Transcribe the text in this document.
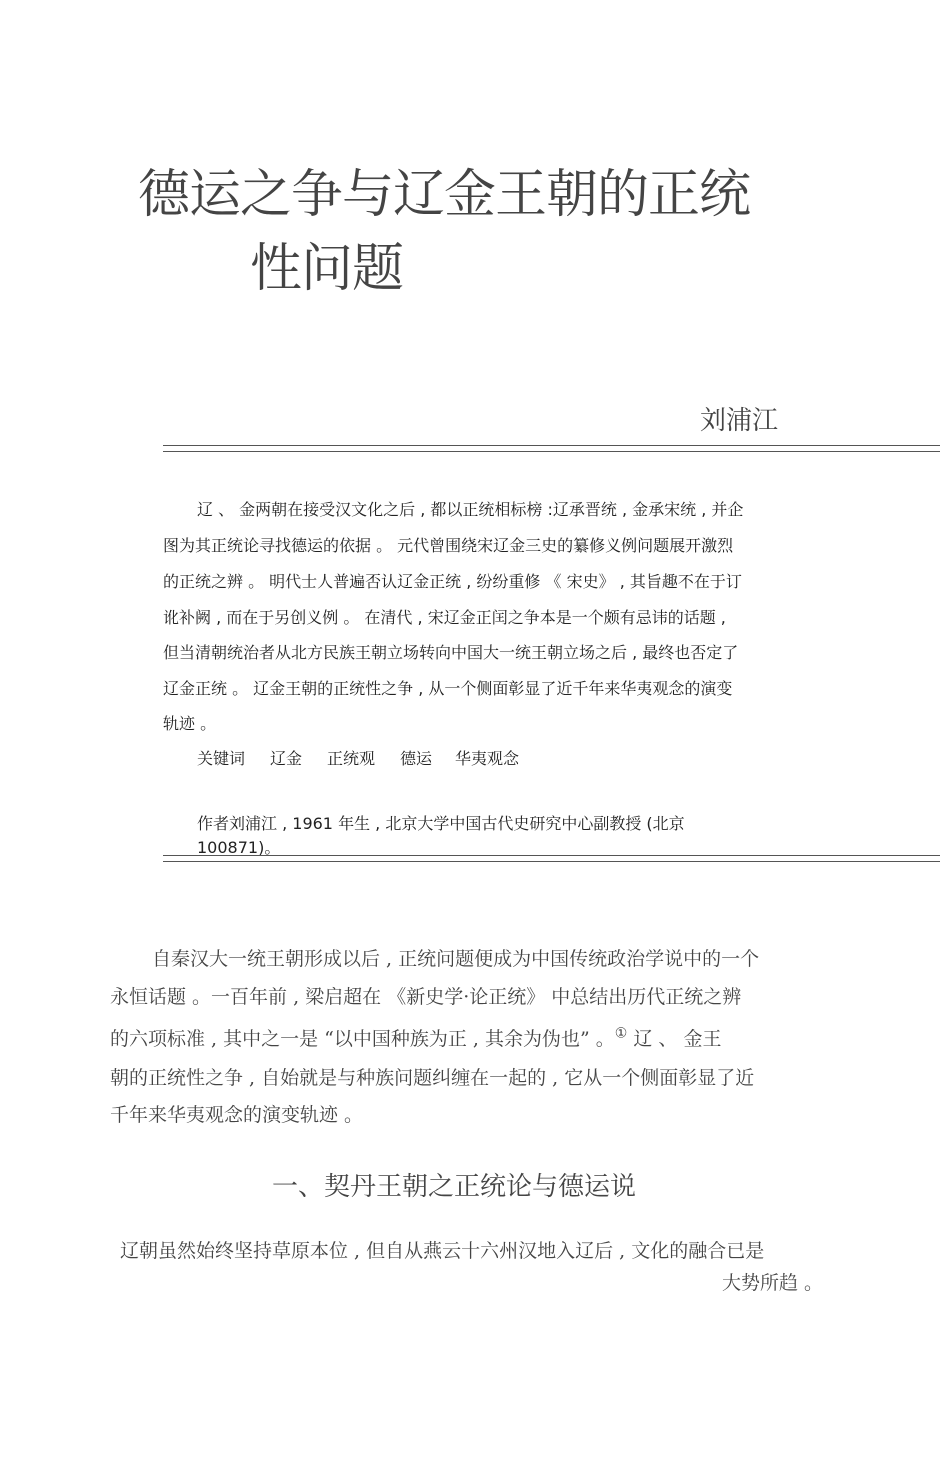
德运之争与辽金王朝的正统
性问题
刘浦江
辽 、 金两朝在接受汉文化之后 , 都以正统相标榜 :辽承晋统 , 金承宋统 , 并企
图为其正统论寻找德运的依据 。 元代曾围绕宋辽金三史的纂修义例问题展开激烈
的正统之辨 。 明代士人普遍否认辽金正统 , 纷纷重修 《 宋史》 , 其旨趣不在于订
讹补阙 , 而在于另创义例 。 在清代 , 宋辽金正闰之争本是一个颇有忌讳的话题 ,
但当清朝统治者从北方民族王朝立场转向中国大一统王朝立场之后 , 最终也否定了
辽金正统 。 辽金王朝的正统性之争 , 从一个侧面彰显了近千年来华夷观念的演变
轨迹 。
关键词 辽金 正统观 德运 华夷观念
作者刘浦江 , 1961 年生 , 北京大学中国古代史研究中心副教授 (北京
100871)。
自秦汉大一统王朝形成以后 , 正统问题便成为中国传统政治学说中的一个
永恒话题 。一百年前 , 梁启超在 《新史学·论正统》 中总结出历代正统之辨
的六项标准 , 其中之一是 “以中国种族为正 , 其余为伪也” 。① 辽 、 金王
朝的正统性之争 , 自始就是与种族问题纠缠在一起的 , 它从一个侧面彰显了近
千年来华夷观念的演变轨迹 。
一、契丹王朝之正统论与德运说
辽朝虽然始终坚持草原本位 , 但自从燕云十六州汉地入辽后 , 文化的融合已是
大势所趋 。
